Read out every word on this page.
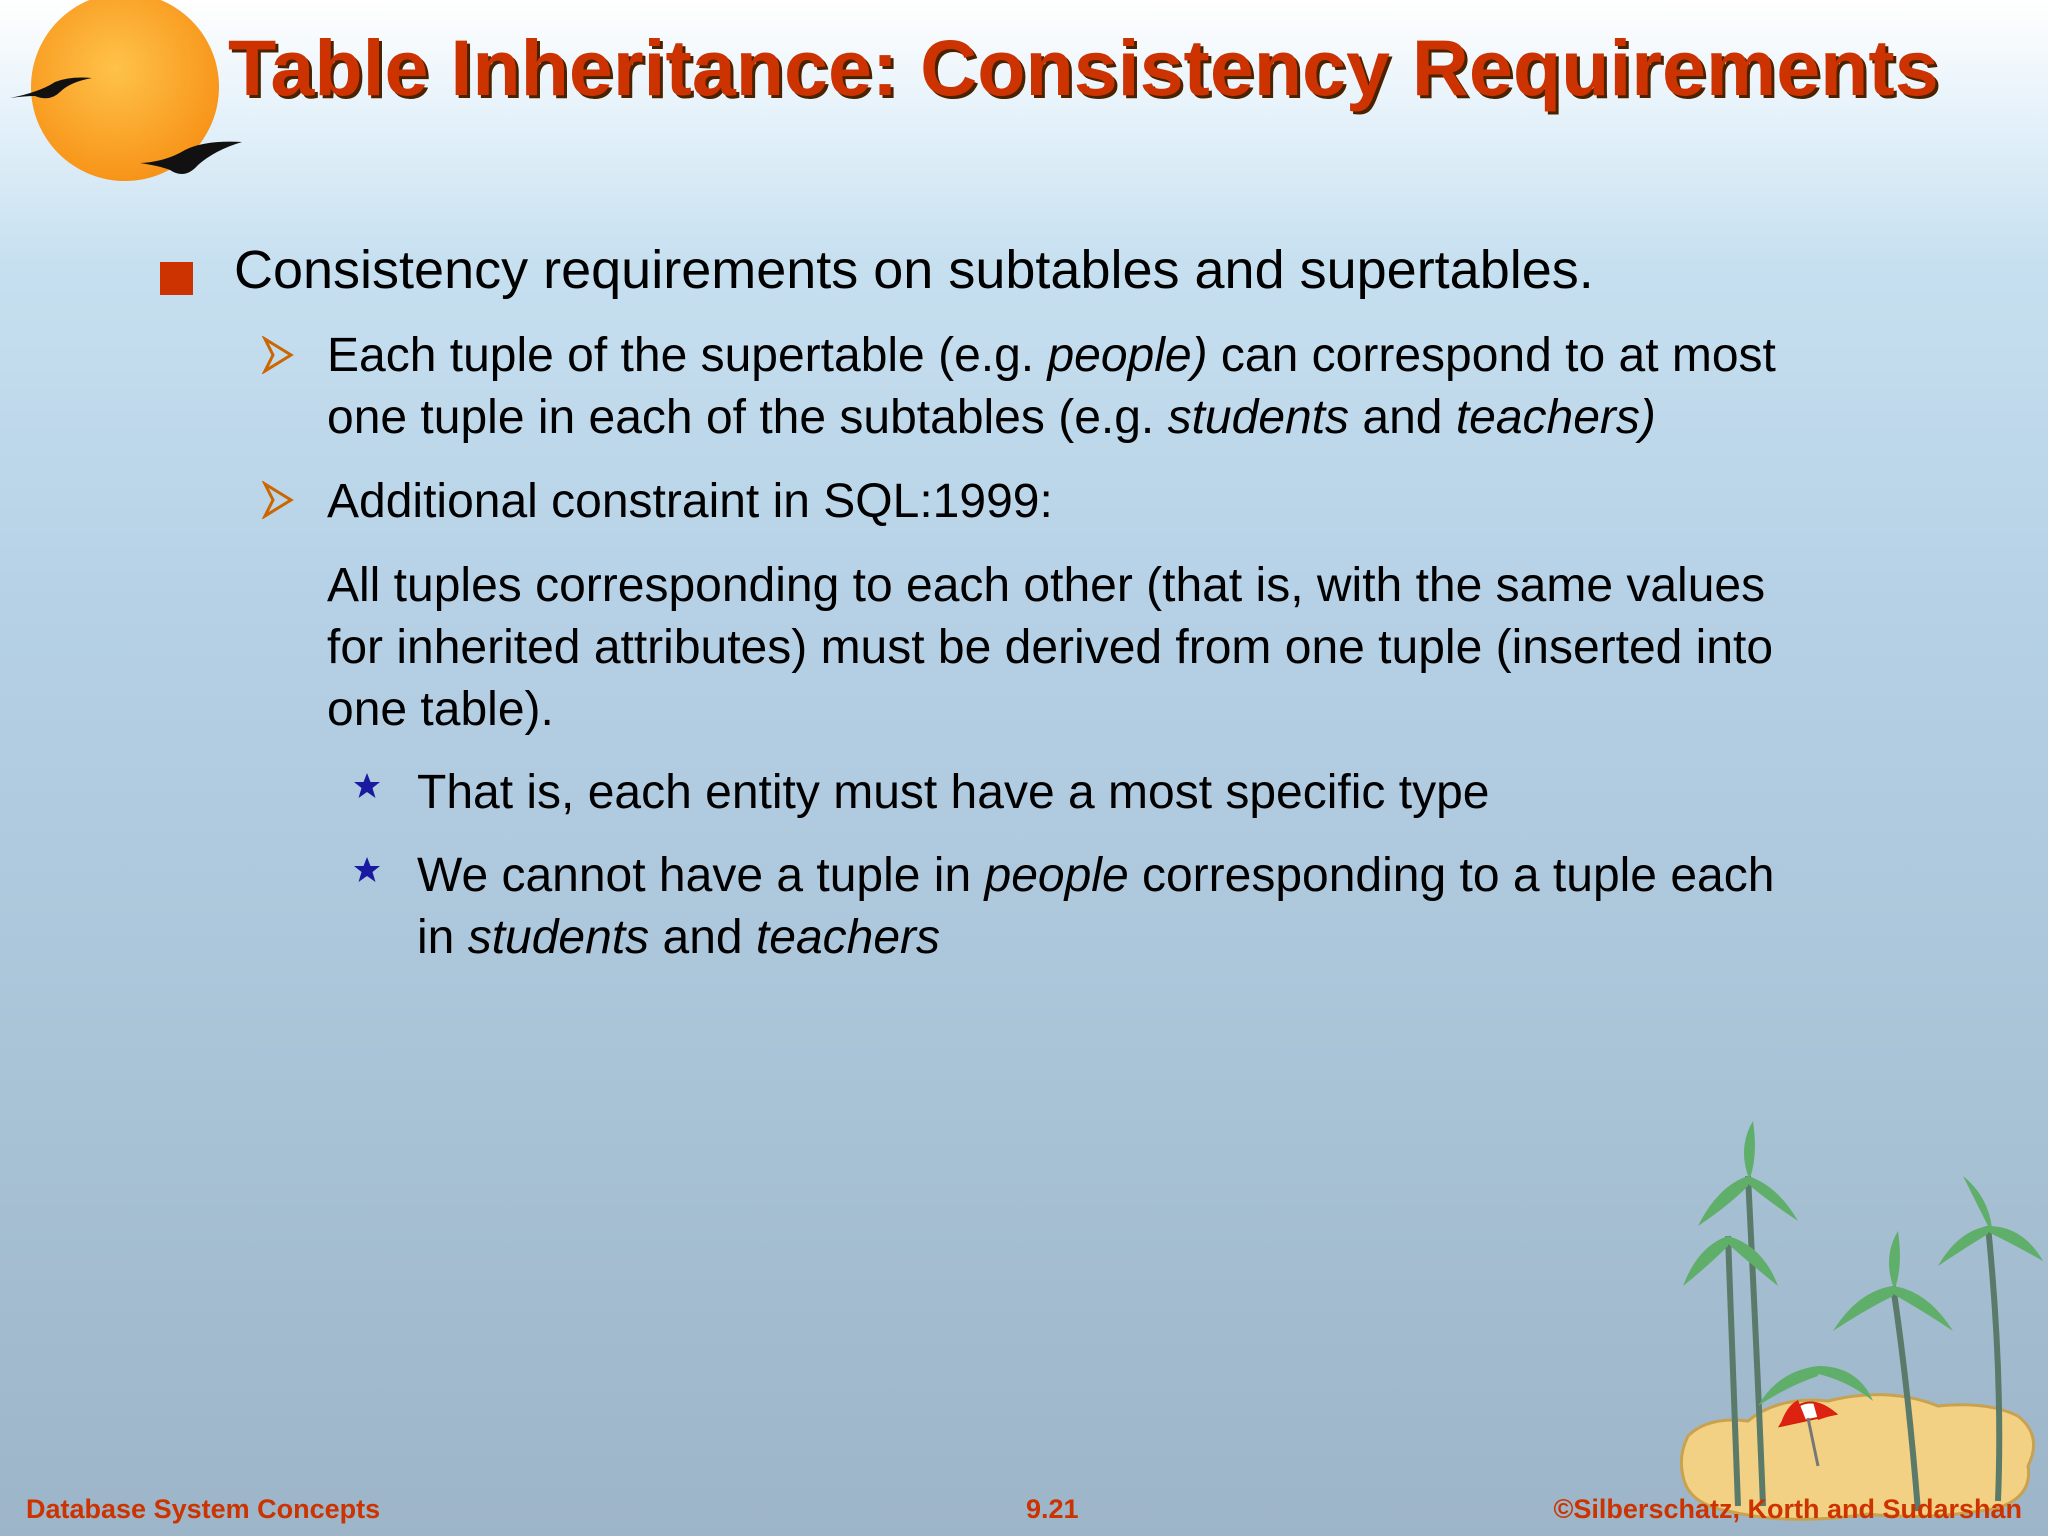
Table Inheritance: Consistency Requirements
Consistency requirements on subtables and supertables.
Each tuple of the supertable (e.g. people) can correspond to at most
one tuple in each of the subtables (e.g. students and teachers)
Additional constraint in SQL:1999:
All tuples corresponding to each other (that is, with the same values
for inherited attributes) must be derived from one tuple (inserted into
one table).
That is, each entity must have a most specific type
We cannot have a tuple in people corresponding to a tuple each
in students and teachers
Database System Concepts	9.21	©Silberschatz, Korth and Sudarshan
